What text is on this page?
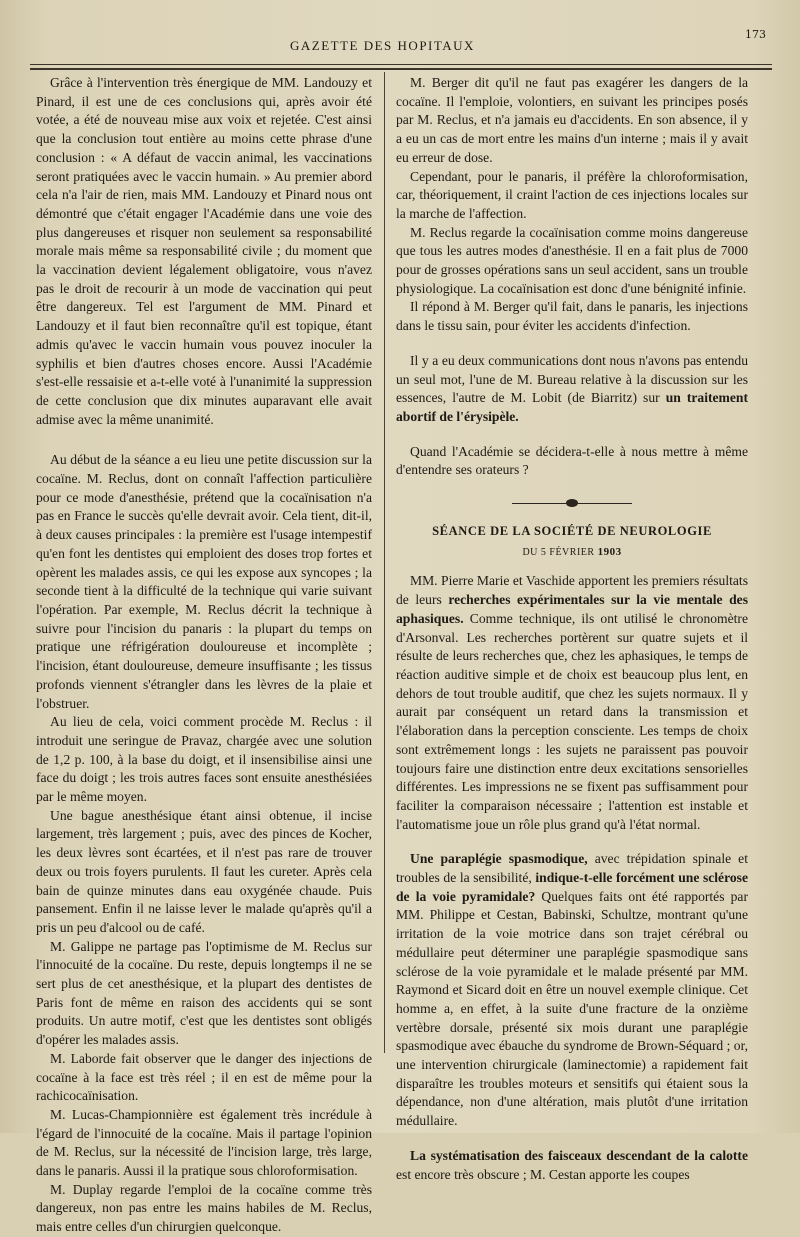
GAZETTE DES HOPITAUX
173

Grâce à l'intervention très énergique de MM. Landouzy et Pinard, il est une de ces conclusions qui, après avoir été votée, a été de nouveau mise aux voix et rejetée. C'est ainsi que la conclusion tout entière au moins cette phrase d'une conclusion : « A défaut de vaccin animal, les vaccinations seront pratiquées avec le vaccin humain. » Au premier abord cela n'a l'air de rien, mais MM. Landouzy et Pinard nous ont démontré que c'était engager l'Académie dans une voie des plus dangereuses et risquer non seulement sa responsabilité morale mais même sa responsabilité civile ; du moment que la vaccination devient légalement obligatoire, vous n'avez pas le droit de recourir à un mode de vaccination qui peut être dangereux. Tel est l'argument de MM. Pinard et Landouzy et il faut bien reconnaître qu'il est topique, étant admis qu'avec le vaccin humain vous pouvez inoculer la syphilis et bien d'autres choses encore. Aussi l'Académie s'est-elle ressaisie et a-t-elle voté à l'unanimité la suppression de cette conclusion que dix minutes auparavant elle avait admise avec la même unanimité.

Au début de la séance a eu lieu une petite discussion sur la cocaïne. M. Reclus, dont on connaît l'affection particulière pour ce mode d'anesthésie, prétend que la cocaïnisation n'a pas en France le succès qu'elle devrait avoir. Cela tient, dit-il, à deux causes principales : la première est l'usage intempestif qu'en font les dentistes qui emploient des doses trop fortes et opèrent les malades assis, ce qui les expose aux syncopes ; la seconde tient à la difficulté de la technique qui varie suivant l'opération. Par exemple, M. Reclus décrit la technique à suivre pour l'incision du panaris : la plupart du temps on pratique une réfrigération douloureuse et incomplète ; l'incision, étant douloureuse, demeure insuffisante ; les tissus profonds viennent s'étrangler dans les lèvres de la plaie et l'obstruer.

Au lieu de cela, voici comment procède M. Reclus : il introduit une seringue de Pravaz, chargée avec une solution de 1,2 p. 100, à la base du doigt, et il insensibilise ainsi une face du doigt ; les trois autres faces sont ensuite anesthésiées par le même moyen.

Une bague anesthésique étant ainsi obtenue, il incise largement, très largement ; puis, avec des pinces de Kocher, les deux lèvres sont écartées, et il n'est pas rare de trouver deux ou trois foyers purulents. Il faut les cureter. Après cela bain de quinze minutes dans eau oxygénée chaude. Puis pansement. Enfin il ne laisse lever le malade qu'après qu'il a pris un peu d'alcool ou de café.

M. Galippe ne partage pas l'optimisme de M. Reclus sur l'innocuité de la cocaïne. Du reste, depuis longtemps il ne se sert plus de cet anesthésique, et la plupart des dentistes de Paris font de même en raison des accidents qui se sont produits. Un autre motif, c'est que les dentistes sont obligés d'opérer les malades assis.

M. Laborde fait observer que le danger des injections de cocaïne à la face est très réel ; il en est de même pour la rachicocaïnisation.

M. Lucas-Championnière est également très incrédule à l'égard de l'innocuité de la cocaïne. Mais il partage l'opinion de M. Reclus, sur la nécessité de l'incision large, très large, dans le panaris. Aussi il la pratique sous chloroformisation.

M. Duplay regarde l'emploi de la cocaïne comme très dangereux, non pas entre les mains habiles de M. Reclus, mais entre celles d'un chirurgien quelconque.

M. Berger dit qu'il ne faut pas exagérer les dangers de la cocaïne. Il l'emploie, volontiers, en suivant les principes posés par M. Reclus, et n'a jamais eu d'accidents. En son absence, il y a eu un cas de mort entre les mains d'un interne ; mais il y avait eu erreur de dose.

Cependant, pour le panaris, il préfère la chloroformisation, car, théoriquement, il craint l'action de ces injections locales sur la marche de l'affection.

M. Reclus regarde la cocaïnisation comme moins dangereuse que tous les autres modes d'anesthésie. Il en a fait plus de 7000 pour de grosses opérations sans un seul accident, sans un trouble physiologique. La cocaïnisation est donc d'une bénignité infinie.

Il répond à M. Berger qu'il fait, dans le panaris, les injections dans le tissu sain, pour éviter les accidents d'infection.

Il y a eu deux communications dont nous n'avons pas entendu un seul mot, l'une de M. Bureau relative à la discussion sur les essences, l'autre de M. Lobit (de Biarritz) sur un traitement abortif de l'érysipèle.

Quand l'Académie se décidera-t-elle à nous mettre à même d'entendre ses orateurs ?

SÉANCE DE LA SOCIÉTÉ DE NEUROLOGIE
DU 5 FÉVRIER 1903

MM. Pierre Marie et Vaschide apportent les premiers résultats de leurs recherches expérimentales sur la vie mentale des aphasiques. Comme technique, ils ont utilisé le chronomètre d'Arsonval. Les recherches portèrent sur quatre sujets et il résulte de leurs recherches que, chez les aphasiques, le temps de réaction auditive simple et de choix est beaucoup plus lent, en dehors de tout trouble auditif, que chez les sujets normaux. Il y aurait par conséquent un retard dans la transmission et l'élaboration dans la perception consciente. Les temps de choix sont extrêmement longs : les sujets ne paraissent pas pouvoir toujours faire une distinction entre deux excitations sensorielles différentes. Les impressions ne se fixent pas suffisamment pour faciliter la comparaison nécessaire ; l'attention est instable et l'automatisme joue un rôle plus grand qu'à l'état normal.

Une paraplégie spasmodique, avec trépidation spinale et troubles de la sensibilité, indique-t-elle forcément une sclérose de la voie pyramidale? Quelques faits ont été rapportés par MM. Philippe et Cestan, Babinski, Schultze, montrant qu'une irritation de la voie motrice dans son trajet cérébral ou médullaire peut déterminer une paraplégie spasmodique sans sclérose de la voie pyramidale et le malade présenté par MM. Raymond et Sicard doit en être un nouvel exemple clinique. Cet homme a, en effet, à la suite d'une fracture de la onzième vertèbre dorsale, présenté six mois durant une paraplégie spasmodique avec ébauche du syndrome de Brown-Séquard ; or, une intervention chirurgicale (laminectomie) a rapidement fait disparaître les troubles moteurs et sensitifs qui étaient sous la dépendance, non d'une altération, mais plutôt d'une irritation médullaire.

La systématisation des faisceaux descendant de la calotte est encore très obscure ; M. Cestan apporte les coupes
